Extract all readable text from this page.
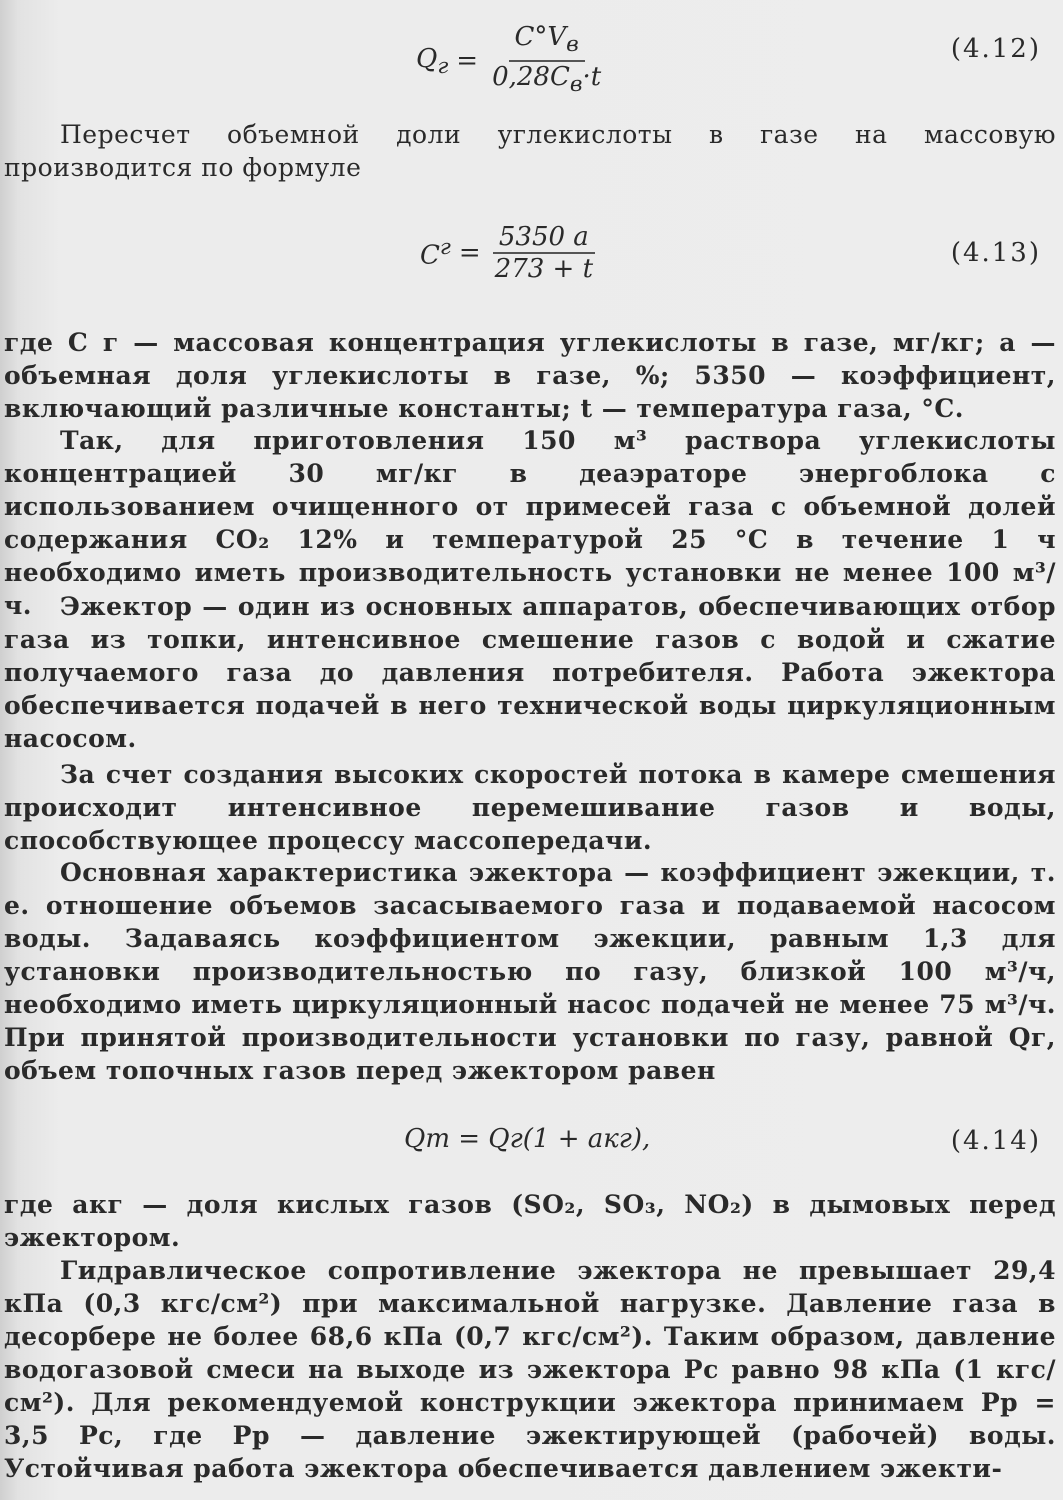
$Q_г = \frac{C^\circ V_в}{0,28C_в\cdot t}$	(4.12)

Пересчет объемной доли углекислоты в газе на массовую производится по формуле

$C^г = \frac{5350 a}{273 + t}$	(4.13)

где C г — массовая концентрация углекислоты в газе, мг/кг; a — объемная доля углекислоты в газе, %; 5350 — коэффициент, включающий различные константы; t — температура газа, °С.

Так, для приготовления 150 м³ раствора углекислоты концентрацией 30 мг/кг в деаэраторе энергоблока с использованием очищенного от примесей газа с объемной долей содержания CO₂ 12% и температурой 25 °С в течение 1 ч необходимо иметь производительность установки не менее 100 м³/ч.	Эжектор — один из основных аппаратов, обеспечивающих отбор газа из топки, интенсивное смешение газов с водой и сжатие получаемого газа до давления потребителя. Работа эжектора обеспечивается подачей в него технической воды циркуляционным насосом.

За счет создания высоких скоростей потока в камере смешения происходит интенсивное перемешивание газов и воды, способствующее процессу массопередачи.

Основная характеристика эжектора — коэффициент эжекции, т. е. отношение объемов засасываемого газа и подаваемой насосом воды. Задаваясь коэффициентом эжекции, равным 1,3 для установки производительностью по газу, близкой 100 м³/ч, необходимо иметь циркуляционный насос подачей не менее 75 м³/ч. При принятой производительности установки по газу, равной Qг, объем топочных газов перед эжектором равен

Qт = Qг(1 + aкг),	(4.14)

где aкг — доля кислых газов (SO₂, SO₃, NO₂) в дымовых перед эжектором.

Гидравлическое сопротивление эжектора не превышает 29,4 кПа (0,3 кгс/см²) при максимальной нагрузке. Давление газа в десорбере не более 68,6 кПа (0,7 кгс/см²). Таким образом, давление водогазовой смеси на выходе из эжектора Pc равно 98 кПа (1 кгс/см²). Для рекомендуемой конструкции эжектора принимаем Pp = 3,5 Pc, где Pp — давление эжектирующей (рабочей) воды. Устойчивая работа эжектора обеспечивается давлением эжекти-
